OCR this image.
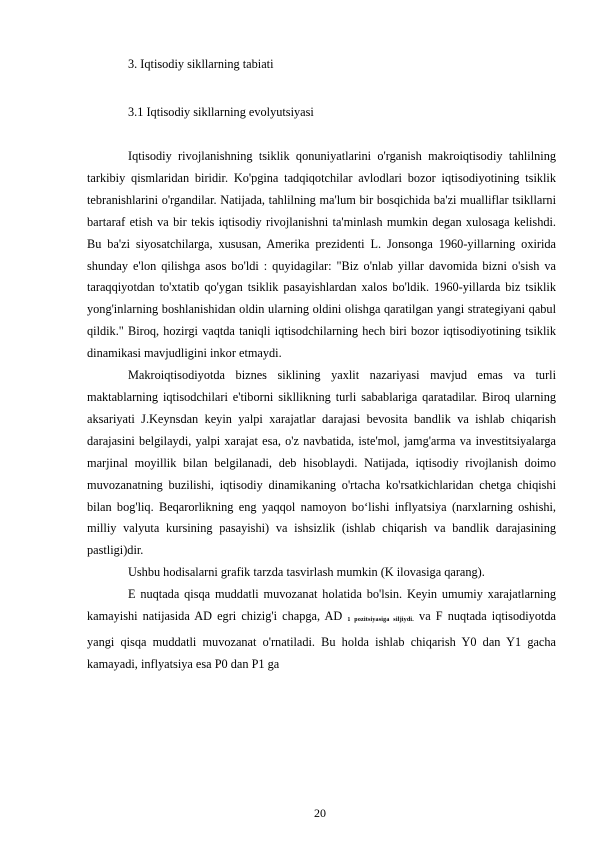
3. Iqtisodiy sikllarning tabiati
3.1 Iqtisodiy sikllarning evolyutsiyasi

Iqtisodiy rivojlanishning tsiklik qonuniyatlarini o'rganish makroiqtisodiy tahlilning tarkibiy qismlaridan biridir. Ko'pgina tadqiqotchilar avlodlari bozor iqtisodiyotining tsiklik tebranishlarini o'rgandilar. Natijada, tahlilning ma'lum bir bosqichida ba'zi mualliflar tsikllarni bartaraf etish va bir tekis iqtisodiy rivojlanishni ta'minlash mumkin degan xulosaga kelishdi. Bu ba'zi siyosatchilarga, xususan, Amerika prezidenti L. Jonsonga 1960-yillarning oxirida shunday e'lon qilishga asos bo'ldi : quyidagilar: "Biz o'nlab yillar davomida bizni o'sish va taraqqiyotdan to'xtatib qo'ygan tsiklik pasayishlardan xalos bo'ldik. 1960-yillarda biz tsiklik yong'inlarning boshlanishidan oldin ularning oldini olishga qaratilgan yangi strategiyani qabul qildik." Biroq, hozirgi vaqtda taniqli iqtisodchilarning hech biri bozor iqtisodiyotining tsiklik dinamikasi mavjudligini inkor etmaydi.

Makroiqtisodiyotda biznes siklining yaxlit nazariyasi mavjud emas va turli maktablarning iqtisodchilari e'tiborni sikllikning turli sabablariga qaratadilar. Biroq ularning aksariyati J.Keynsdan keyin yalpi xarajatlar darajasi bevosita bandlik va ishlab chiqarish darajasini belgilaydi, yalpi xarajat esa, o'z navbatida, iste'mol, jamg'arma va investitsiyalarga marjinal moyillik bilan belgilanadi, deb hisoblaydi. Natijada, iqtisodiy rivojlanish doimo muvozanatning buzilishi, iqtisodiy dinamikaning o'rtacha ko'rsatkichlaridan chetga chiqishi bilan bog'liq. Beqarorlikning eng yaqqol namoyon bo‘lishi inflyatsiya (narxlarning oshishi, milliy valyuta kursining pasayishi) va ishsizlik (ishlab chiqarish va bandlik darajasining pastligi)dir.

Ushbu hodisalarni grafik tarzda tasvirlash mumkin (K ilovasiga qarang).

E nuqtada qisqa muddatli muvozanat holatida bo'lsin. Keyin umumiy xarajatlarning kamayishi natijasida AD egri chizig'i chapga, AD 1 pozitsiyasiga siljiydi. va F nuqtada iqtisodiyotda yangi qisqa muddatli muvozanat o'rnatiladi. Bu holda ishlab chiqarish Y0 dan Y1 gacha kamayadi, inflyatsiya esa P0 dan P1 ga

20
